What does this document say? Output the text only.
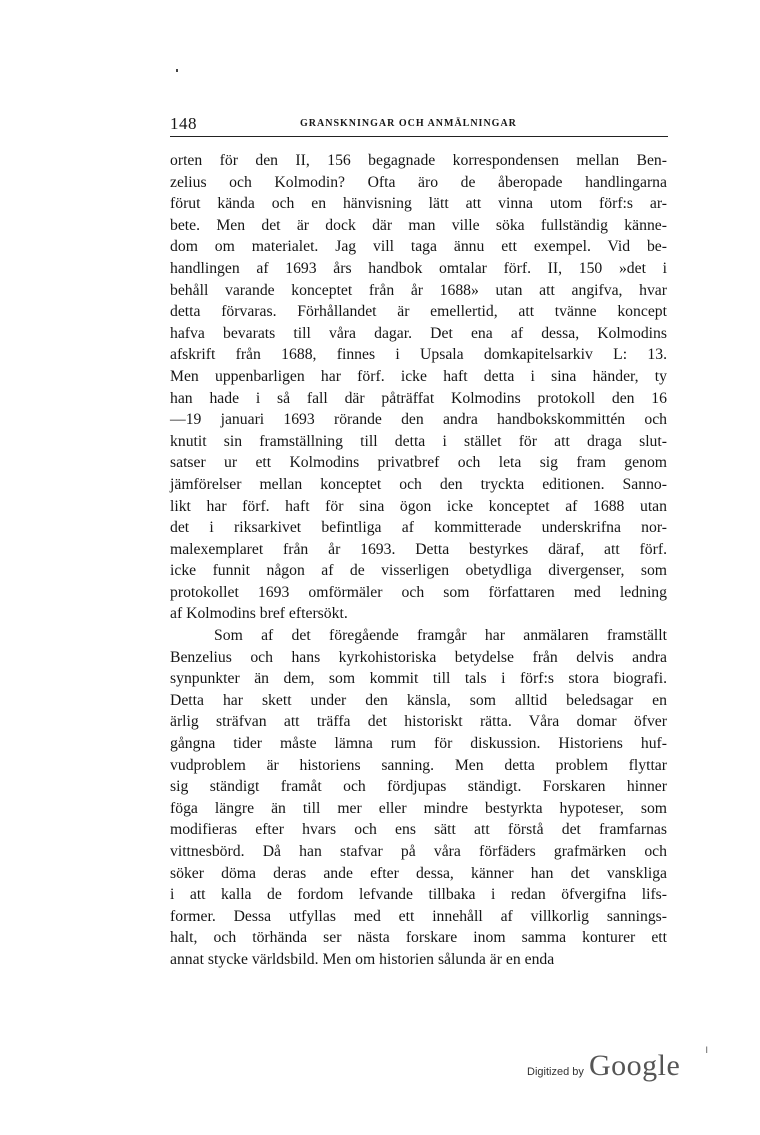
148	GRANSKNINGAR OCH ANMÄLNINGAR
orten för den II, 156 begagnade korrespondensen mellan Ben-
zelius och Kolmodin? Ofta äro de åberopade handlingarna
förut kända och en hänvisning lätt att vinna utom förf:s ar-
bete. Men det är dock där man ville söka fullständig känne-
dom om materialet. Jag vill taga ännu ett exempel. Vid be-
handlingen af 1693 års handbok omtalar förf. II, 150 »det i
behåll varande konceptet från år 1688» utan att angifva, hvar
detta förvaras. Förhållandet är emellertid, att tvänne koncept
hafva bevarats till våra dagar. Det ena af dessa, Kolmodins
afskrift från 1688, finnes i Upsala domkapitelsarkiv L: 13.
Men uppenbarligen har förf. icke haft detta i sina händer, ty
han hade i så fall där påträffat Kolmodins protokoll den 16
—19 januari 1693 rörande den andra handbokskommittén och
knutit sin framställning till detta i stället för att draga slut-
satser ur ett Kolmodins privatbref och leta sig fram genom
jämförelser mellan konceptet och den tryckta editionen. Sanno-
likt har förf. haft för sina ögon icke konceptet af 1688 utan
det i riksarkivet befintliga af kommitterade underskrifna nor-
malexemplaret från år 1693. Detta bestyrkes däraf, att förf.
icke funnit någon af de visserligen obetydliga divergenser, som
protokollet 1693 omförmäler och som författaren med ledning
af Kolmodins bref eftersökt.
Som af det föregående framgår har anmälaren framställt
Benzelius och hans kyrkohistoriska betydelse från delvis andra
synpunkter än dem, som kommit till tals i förf:s stora biografi.
Detta har skett under den känsla, som alltid beledsagar en
ärlig sträfvan att träffa det historiskt rätta. Våra domar öfver
gångna tider måste lämna rum för diskussion. Historiens huf-
vudproblem är historiens sanning. Men detta problem flyttar
sig ständigt framåt och fördjupas ständigt. Forskaren hinner
föga längre än till mer eller mindre bestyrkta hypoteser, som
modifieras efter hvars och ens sätt att förstå det framfarnas
vittnesbörd. Då han stafvar på våra förfäders grafmärken och
söker döma deras ande efter dessa, känner han det vanskliga
i att kalla de fordom lefvande tillbaka i redan öfvergifna lifs-
former. Dessa utfyllas med ett innehåll af villkorlig sannings-
halt, och törhända ser nästa forskare inom samma konturer ett
annat stycke världsbild. Men om historien sålunda är en enda
ı
Digitized by Google
